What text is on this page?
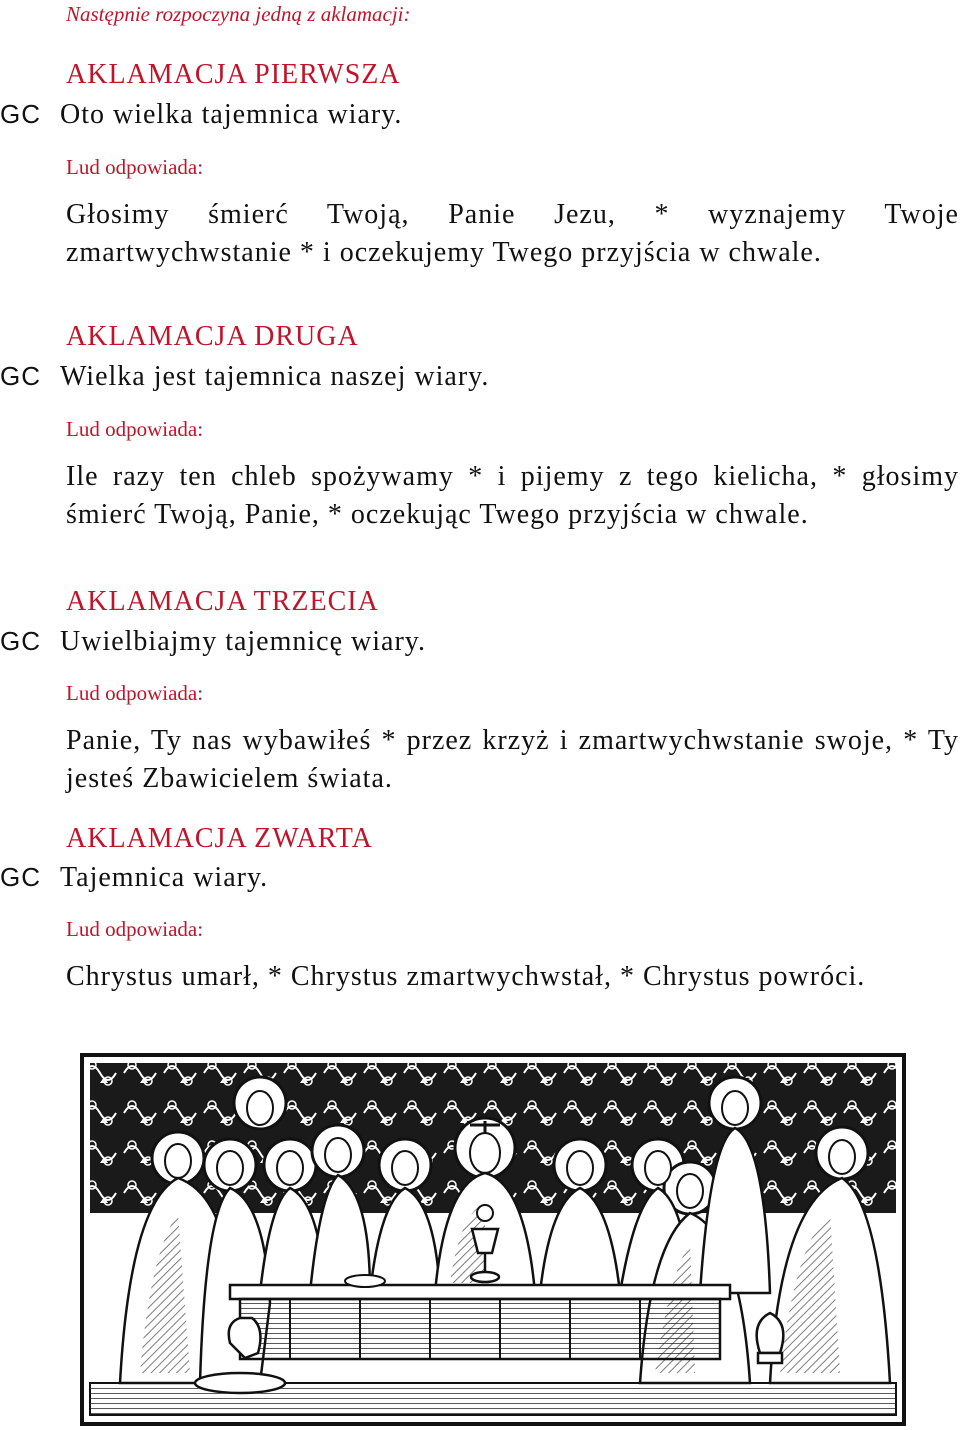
Następnie rozpoczyna jedną z aklamacji:
AKLAMACJA PIERWSZA
GC Oto wielka tajemnica wiary.
Lud odpowiada:
Głosimy śmierć Twoją, Panie Jezu, * wyznajemy Twoje zmartwychwstanie * i oczekujemy Twego przyjścia w chwale.
AKLAMACJA DRUGA
GC Wielka jest tajemnica naszej wiary.
Lud odpowiada:
Ile razy ten chleb spożywamy * i pijemy z tego kielicha, * głosimy śmierć Twoją, Panie, * oczekując Twego przyjścia w chwale.
AKLAMACJA TRZECIA
GC Uwielbiajmy tajemnicę wiary.
Lud odpowiada:
Panie, Ty nas wybawiłeś * przez krzyż i zmartwychwstanie swoje, * Ty jesteś Zbawicielem świata.
AKLAMACJA ZWARTA
GC Tajemnica wiary.
Lud odpowiada:
Chrystus umarł, * Chrystus zmartwychwstał, * Chrystus powróci.
